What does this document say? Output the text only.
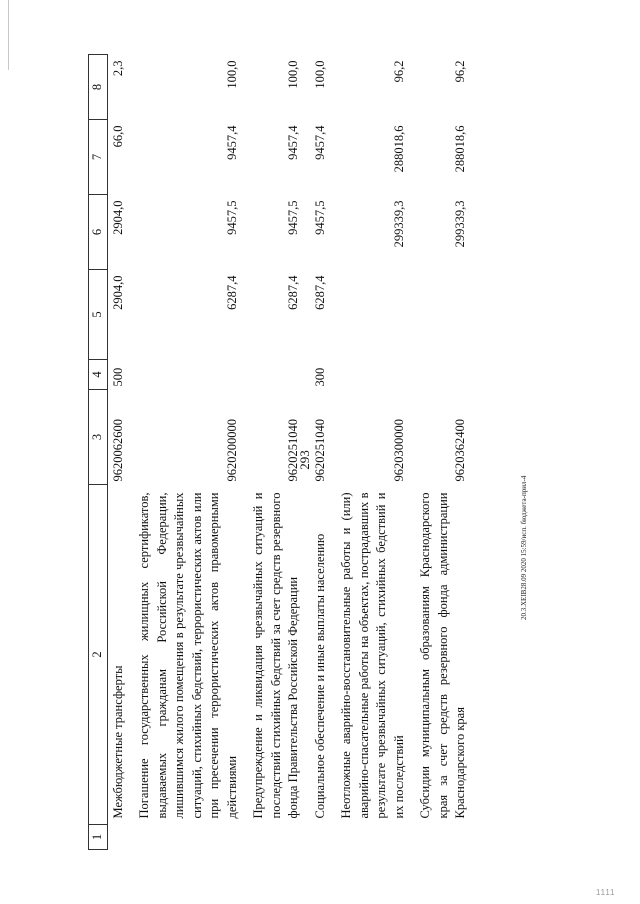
1 1 1 1
293
20.3.XEIB28.09 2020 15:59/исп. бюджета-прил-4
1	2	3	4	5	6	7	8
	Межбюджетные трансферты	9620062600	500	2904,0	2904,0	66,0	2,3
	Погашение государственных жилищных сертификатов, выдаваемых гражданам Российской Федерации, лишившимся жилого помещения в результате чрезвычайных ситуаций, стихийных бедствий, террористических актов или при пресечении террористических актов правомерными действиями	9620200000		6287,4	9457,5	9457,4	100,0
	Предупреждение и ликвидация чрезвычайных ситуаций и последствий стихийных бедствий за счет средств резервного фонда Правительства Российской Федерации	9620251040		6287,4	9457,5	9457,4	100,0
	Социальное обеспечение и иные выплаты населению	9620251040	300	6287,4	9457,5	9457,4	100,0
	Неотложные аварийно-восстановительные работы и (или) аварийно-спасательные работы на объектах, пострадавших в результате чрезвычайных ситуаций, стихийных бедствий и их последствий	9620300000			299339,3	288018,6	96,2
	Субсидии муниципальным образованиям Краснодарского края за счет средств резервного фонда администрации Краснодарского края	9620362400			299339,3	288018,6	96,2
